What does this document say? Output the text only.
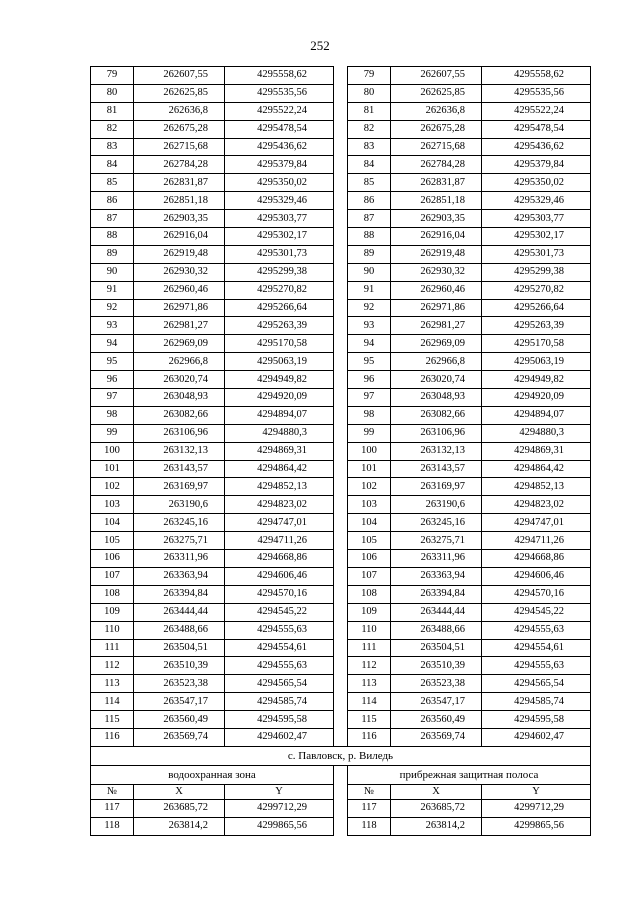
252
79	262607,55	4295558,62		79	262607,55	4295558,62
80	262625,85	4295535,56		80	262625,85	4295535,56
81	262636,8	4295522,24		81	262636,8	4295522,24
82	262675,28	4295478,54		82	262675,28	4295478,54
83	262715,68	4295436,62		83	262715,68	4295436,62
84	262784,28	4295379,84		84	262784,28	4295379,84
85	262831,87	4295350,02		85	262831,87	4295350,02
86	262851,18	4295329,46		86	262851,18	4295329,46
87	262903,35	4295303,77		87	262903,35	4295303,77
88	262916,04	4295302,17		88	262916,04	4295302,17
89	262919,48	4295301,73		89	262919,48	4295301,73
90	262930,32	4295299,38		90	262930,32	4295299,38
91	262960,46	4295270,82		91	262960,46	4295270,82
92	262971,86	4295266,64		92	262971,86	4295266,64
93	262981,27	4295263,39		93	262981,27	4295263,39
94	262969,09	4295170,58		94	262969,09	4295170,58
95	262966,8	4295063,19		95	262966,8	4295063,19
96	263020,74	4294949,82		96	263020,74	4294949,82
97	263048,93	4294920,09		97	263048,93	4294920,09
98	263082,66	4294894,07		98	263082,66	4294894,07
99	263106,96	4294880,3		99	263106,96	4294880,3
100	263132,13	4294869,31		100	263132,13	4294869,31
101	263143,57	4294864,42		101	263143,57	4294864,42
102	263169,97	4294852,13		102	263169,97	4294852,13
103	263190,6	4294823,02		103	263190,6	4294823,02
104	263245,16	4294747,01		104	263245,16	4294747,01
105	263275,71	4294711,26		105	263275,71	4294711,26
106	263311,96	4294668,86		106	263311,96	4294668,86
107	263363,94	4294606,46		107	263363,94	4294606,46
108	263394,84	4294570,16		108	263394,84	4294570,16
109	263444,44	4294545,22		109	263444,44	4294545,22
110	263488,66	4294555,63		110	263488,66	4294555,63
111	263504,51	4294554,61		111	263504,51	4294554,61
112	263510,39	4294555,63		112	263510,39	4294555,63
113	263523,38	4294565,54		113	263523,38	4294565,54
114	263547,17	4294585,74		114	263547,17	4294585,74
115	263560,49	4294595,58		115	263560,49	4294595,58
116	263569,74	4294602,47		116	263569,74	4294602,47
с. Павловск, р. Виледь						
водоохранная зона				прибрежная защитная полоса		
№	X	Y		№	X	Y
117	263685,72	4299712,29		117	263685,72	4299712,29
118	263814,2	4299865,56		118	263814,2	4299865,56
